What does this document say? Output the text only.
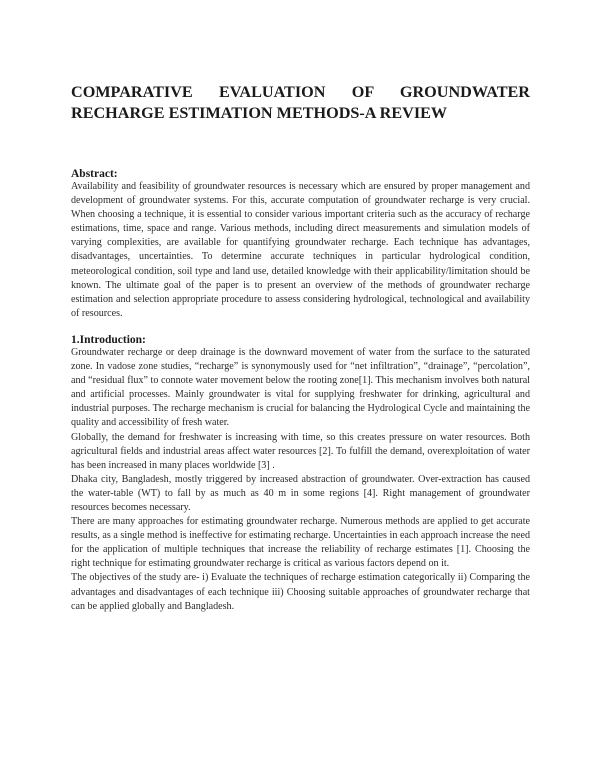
COMPARATIVE EVALUATION OF GROUNDWATER
RECHARGE ESTIMATION METHODS-A REVIEW
Abstract:

Availability and feasibility of groundwater resources is necessary which are ensured by proper management and development of groundwater systems. For this, accurate computation of groundwater recharge is very crucial. When choosing a technique, it is essential to consider various important criteria such as the accuracy of recharge estimations, time, space and range. Various methods, including direct measurements and simulation models of varying complexities, are available for quantifying groundwater recharge. Each technique has advantages, disadvantages, uncertainties. To determine accurate techniques in particular hydrological condition, meteorological condition, soil type and land use, detailed knowledge with their applicability/limitation should be known. The ultimate goal of the paper is to present an overview of the methods of groundwater recharge estimation and selection appropriate procedure to assess considering hydrological, technological and availability of resources.

1.Introduction:

Groundwater recharge or deep drainage is the downward movement of water from the surface to the saturated zone. In vadose zone studies, “recharge” is synonymously used for “net infiltration”, “drainage”, “percolation”, and “residual flux” to connote water movement below the rooting zone[1]. This mechanism involves both natural and artificial processes. Mainly groundwater is vital for supplying freshwater for drinking, agricultural and industrial purposes. The recharge mechanism is crucial for balancing the Hydrological Cycle and maintaining the quality and accessibility of fresh water.

Globally, the demand for freshwater is increasing with time, so this creates pressure on water resources. Both agricultural fields and industrial areas affect water resources [2]. To fulfill the demand, overexploitation of water has been increased in many places worldwide [3] .

Dhaka city, Bangladesh, mostly triggered by increased abstraction of groundwater. Over-extraction has caused the water-table (WT) to fall by as much as 40 m in some regions [4]. Right management of groundwater resources becomes necessary.

There are many approaches for estimating groundwater recharge. Numerous methods are applied to get accurate results, as a single method is ineffective for estimating recharge. Uncertainties in each approach increase the need for the application of multiple techniques that increase the reliability of recharge estimates [1]. Choosing the right technique for estimating groundwater recharge is critical as various factors depend on it.

The objectives of the study are- i) Evaluate the techniques of recharge estimation categorically ii) Comparing the advantages and disadvantages of each technique iii) Choosing suitable approaches of groundwater recharge that can be applied globally and Bangladesh.
